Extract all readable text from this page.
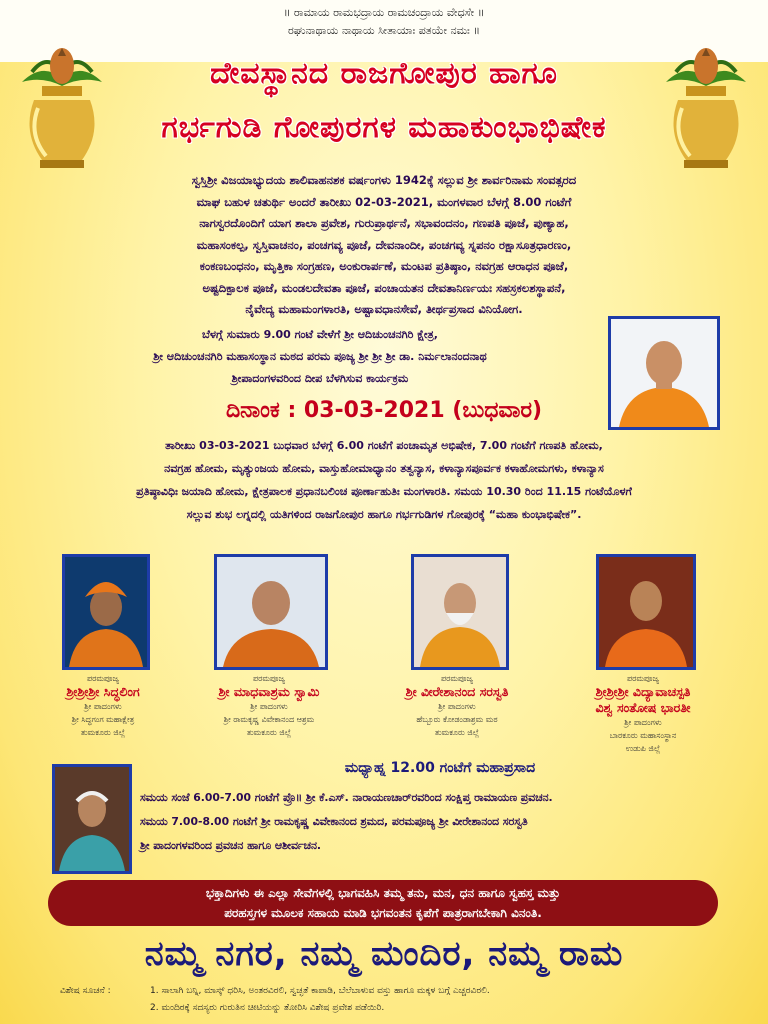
॥ ರಾಮಾಯ ರಾಮಭದ್ರಾಯ ರಾಮಚಂದ್ರಾಯ ವೇಧಸೇ ॥
ರಘುನಾಥಾಯ ನಾಥಾಯ ಸೀತಾಯಾಃ ಪತಯೇ ನಮಃ ॥
ದೇವಸ್ಥಾನದ ರಾಜಗೋಪುರ ಹಾಗೂ
ಗರ್ಭಗುಡಿ ಗೋಪುರಗಳ ಮಹಾಕುಂಭಾಭಿಷೇಕ
ಸ್ವಸ್ತಿಶ್ರೀ ವಿಜಯಾಭ್ಯುದಯ ಶಾಲಿವಾಹನಶಕ ವರ್ಷಂಗಳು 1942ಕ್ಕೆ ಸಲ್ಲುವ ಶ್ರೀ ಶಾರ್ವರಿನಾಮ ಸಂವತ್ಸರದ
ಮಾಘ ಬಹುಳ ಚತುರ್ಥಿ ಅಂದರೆ ತಾರೀಖು 02-03-2021, ಮಂಗಳವಾರ ಬೆಳಗ್ಗೆ 8.00 ಗಂಟೆಗೆ
ನಾಗಸ್ವರದೊಂದಿಗೆ ಯಾಗ ಶಾಲಾ ಪ್ರವೇಶ, ಗುರುಪ್ರಾರ್ಥನೆ, ಸಭಾವಂದನಂ, ಗಣಪತಿ ಪೂಜೆ, ಪುಣ್ಯಾಹ,
ಮಹಾಸಂಕಲ್ಪ, ಸ್ವಸ್ತಿವಾಚನಂ, ಪಂಚಗವ್ಯ ಪೂಜೆ, ದೇವನಾಂದೀ, ಪಂಚಗವ್ಯ ಸ್ನಪನಂ ರಕ್ಷಾಸೂತ್ರಧಾರಣಂ,
ಕಂಕಣಬಂಧನಂ, ಮೃತ್ತಿಕಾ ಸಂಗ್ರಹಣ, ಅಂಕುರಾರ್ಪಣೆ, ಮಂಟಪ ಪ್ರತಿಷ್ಠಾಂ, ನವಗ್ರಹ ಆರಾಧನ ಪೂಜೆ,
ಅಷ್ಟದಿಕ್ಪಾಲಕ ಪೂಜೆ, ಮಂಡಲದೇವತಾ ಪೂಜೆ, ಪಂಚಾಯತನ ದೇವತಾನಿರ್ಣಯಃ ಸಹಸ್ರಕಲಶಸ್ಥಾಪನೆ,
ನೈವೇದ್ಯ ಮಹಾಮಂಗಳಾರತಿ, ಅಷ್ಟಾವಧಾನಸೇವೆ, ತೀರ್ಥಪ್ರಸಾದ ವಿನಿಯೋಗ.
ಬೆಳಗ್ಗೆ ಸುಮಾರು 9.00 ಗಂಟೆ ವೇಳೆಗೆ ಶ್ರೀ ಆದಿಚುಂಚನಗಿರಿ ಕ್ಷೇತ್ರ,
ಶ್ರೀ ಆದಿಚುಂಚನಗಿರಿ ಮಹಾಸಂಸ್ಥಾನ ಮಠದ ಪರಮ ಪೂಜ್ಯ ಶ್ರೀ ಶ್ರೀ ಶ್ರೀ ಡಾ. ನಿರ್ಮಲಾನಂದನಾಥ
ಶ್ರೀಪಾದಂಗಳವರಿಂದ ದೀಪ ಬೆಳಗಿಸುವ ಕಾರ್ಯಕ್ರಮ
ದಿನಾಂಕ : 03-03-2021 (ಬುಧವಾರ)
ತಾರೀಖು 03-03-2021 ಬುಧವಾರ ಬೆಳಗ್ಗೆ 6.00 ಗಂಟೆಗೆ ಪಂಚಾಮೃತ ಅಭಿಷೇಕ, 7.00 ಗಂಟೆಗೆ ಗಣಪತಿ ಹೋಮ,
ನವಗ್ರಹ ಹೋಮ, ಮೃತ್ಯುಂಜಯ ಹೋಮ, ವಾಸ್ತುಹೋಮಾಧ್ಯಾನಂ ತತ್ವನ್ಯಾಸ, ಕಳಾನ್ಯಾಸಪೂರ್ವಕ ಕಳಾಹೋಮಗಳು, ಕಳಾನ್ಯಾಸ
ಪ್ರತಿಷ್ಠಾವಿಧಿಃ ಜಯಾದಿ ಹೋಮ, ಕ್ಷೇತ್ರಪಾಲಕ ಪ್ರಧಾನಬಲಿಂಚ ಪೂರ್ಣಾಹುತಿಃ ಮಂಗಳಾರತಿ. ಸಮಯ 10.30 ರಿಂದ 11.15 ಗಂಟೆಯೊಳಗೆ
ಸಲ್ಲುವ ಶುಭ ಲಗ್ನದಲ್ಲಿ ಯತಿಗಳಿಂದ ರಾಜಗೋಪುರ ಹಾಗೂ ಗರ್ಭಗುಡಿಗಳ ಗೋಪುರಕ್ಕೆ “ಮಹಾ ಕುಂಭಾಭಿಷೇಕ”.
ಪರಮಪೂಜ್ಯ
ಶ್ರೀಶ್ರೀಶ್ರೀ ಸಿದ್ಧಲಿಂಗ
ಶ್ರೀ ಪಾದಂಗಳು
ಶ್ರೀ ಸಿದ್ಧಗಂಗ ಮಹಾಕ್ಷೇತ್ರ
ತುಮಕೂರು ಜಿಲ್ಲೆ
ಪರಮಪೂಜ್ಯ
ಶ್ರೀ ಮಾಧವಾಶ್ರಮ ಸ್ವಾಮಿ
ಶ್ರೀ ಪಾದಂಗಳು
ಶ್ರೀ ರಾಮಕೃಷ್ಣ ವಿವೇಕಾನಂದ ಆಶ್ರಮ
ತುಮಕೂರು ಜಿಲ್ಲೆ
ಪರಮಪೂಜ್ಯ
ಶ್ರೀ ವೀರೇಶಾನಂದ ಸರಸ್ವತಿ
ಶ್ರೀ ಪಾದಂಗಳು
ಹೆಬ್ಬೂರು ಕೋಡಂಡಾಶ್ರಮ ಮಠ
ತುಮಕೂರು ಜಿಲ್ಲೆ
ಪರಮಪೂಜ್ಯ
ಶ್ರೀಶ್ರೀಶ್ರೀ ವಿದ್ಯಾವಾಚಸ್ಪತಿ
ವಿಶ್ವ ಸಂತೋಷ ಭಾರತೀ
ಶ್ರೀ ಪಾದಂಗಳು
ಬಾರಕೂರು ಮಹಾಸಂಸ್ಥಾನ
ಉಡುಪಿ ಜಿಲ್ಲೆ
ಮಧ್ಯಾಹ್ನ 12.00 ಗಂಟೆಗೆ ಮಹಾಪ್ರಸಾದ
ಸಮಯ ಸಂಜೆ 6.00-7.00 ಗಂಟೆಗೆ ಪ್ರೊ॥ ಶ್ರೀ ಕೆ.ಎಸ್. ನಾರಾಯಣಚಾರ್‌ರವರಿಂದ ಸಂಕ್ಷಿಪ್ತ ರಾಮಾಯಣ ಪ್ರವಚನ.
ಸಮಯ 7.00-8.00 ಗಂಟೆಗೆ ಶ್ರೀ ರಾಮಕೃಷ್ಣ ವಿವೇಕಾನಂದ ಶ್ರಮದ, ಪರಮಪೂಜ್ಯ ಶ್ರೀ ವೀರೇಶಾನಂದ ಸರಸ್ವತಿ
ಶ್ರೀ ಪಾದಂಗಳವರಿಂದ ಪ್ರವಚನ ಹಾಗೂ ಆಶೀರ್ವಚನ.
ಭಕ್ತಾದಿಗಳು ಈ ಎಲ್ಲಾ ಸೇವೆಗಳಲ್ಲಿ ಭಾಗವಹಿಸಿ ತಮ್ಮ ತನು, ಮನ, ಧನ ಹಾಗೂ ಸ್ವಹಸ್ತ ಮತ್ತು
ಪರಹಸ್ತಗಳ ಮೂಲಕ ಸಹಾಯ ಮಾಡಿ ಭಗವಂತನ ಕೃಪೆಗೆ ಪಾತ್ರರಾಗಬೇಕಾಗಿ ವಿನಂತಿ.
ನಮ್ಮ ನಗರ, ನಮ್ಮ ಮಂದಿರ, ನಮ್ಮ ರಾಮ
ವಿಶೇಷ ಸೂಚನೆ :	1. ಸಾಲಾಗಿ ಬನ್ನಿ, ಮಾಸ್ಕ್ ಧರಿಸಿ, ಅಂತರವಿರಲಿ, ಸ್ವಚ್ಛತೆ ಕಾಪಾಡಿ, ಬೆಲೆಬಾಳುವ ವಸ್ತು ಹಾಗೂ ಮಕ್ಕಳ ಬಗ್ಗೆ ಎಚ್ಚರವಿರಲಿ.
2. ಮಂದಿರಕ್ಕೆ ಸದಸ್ಯರು ಗುರುತಿನ ಚೀಟಿಯನ್ನು ತೋರಿಸಿ ವಿಶೇಷ ಪ್ರವೇಶ ಪಡೆಯಿರಿ.
